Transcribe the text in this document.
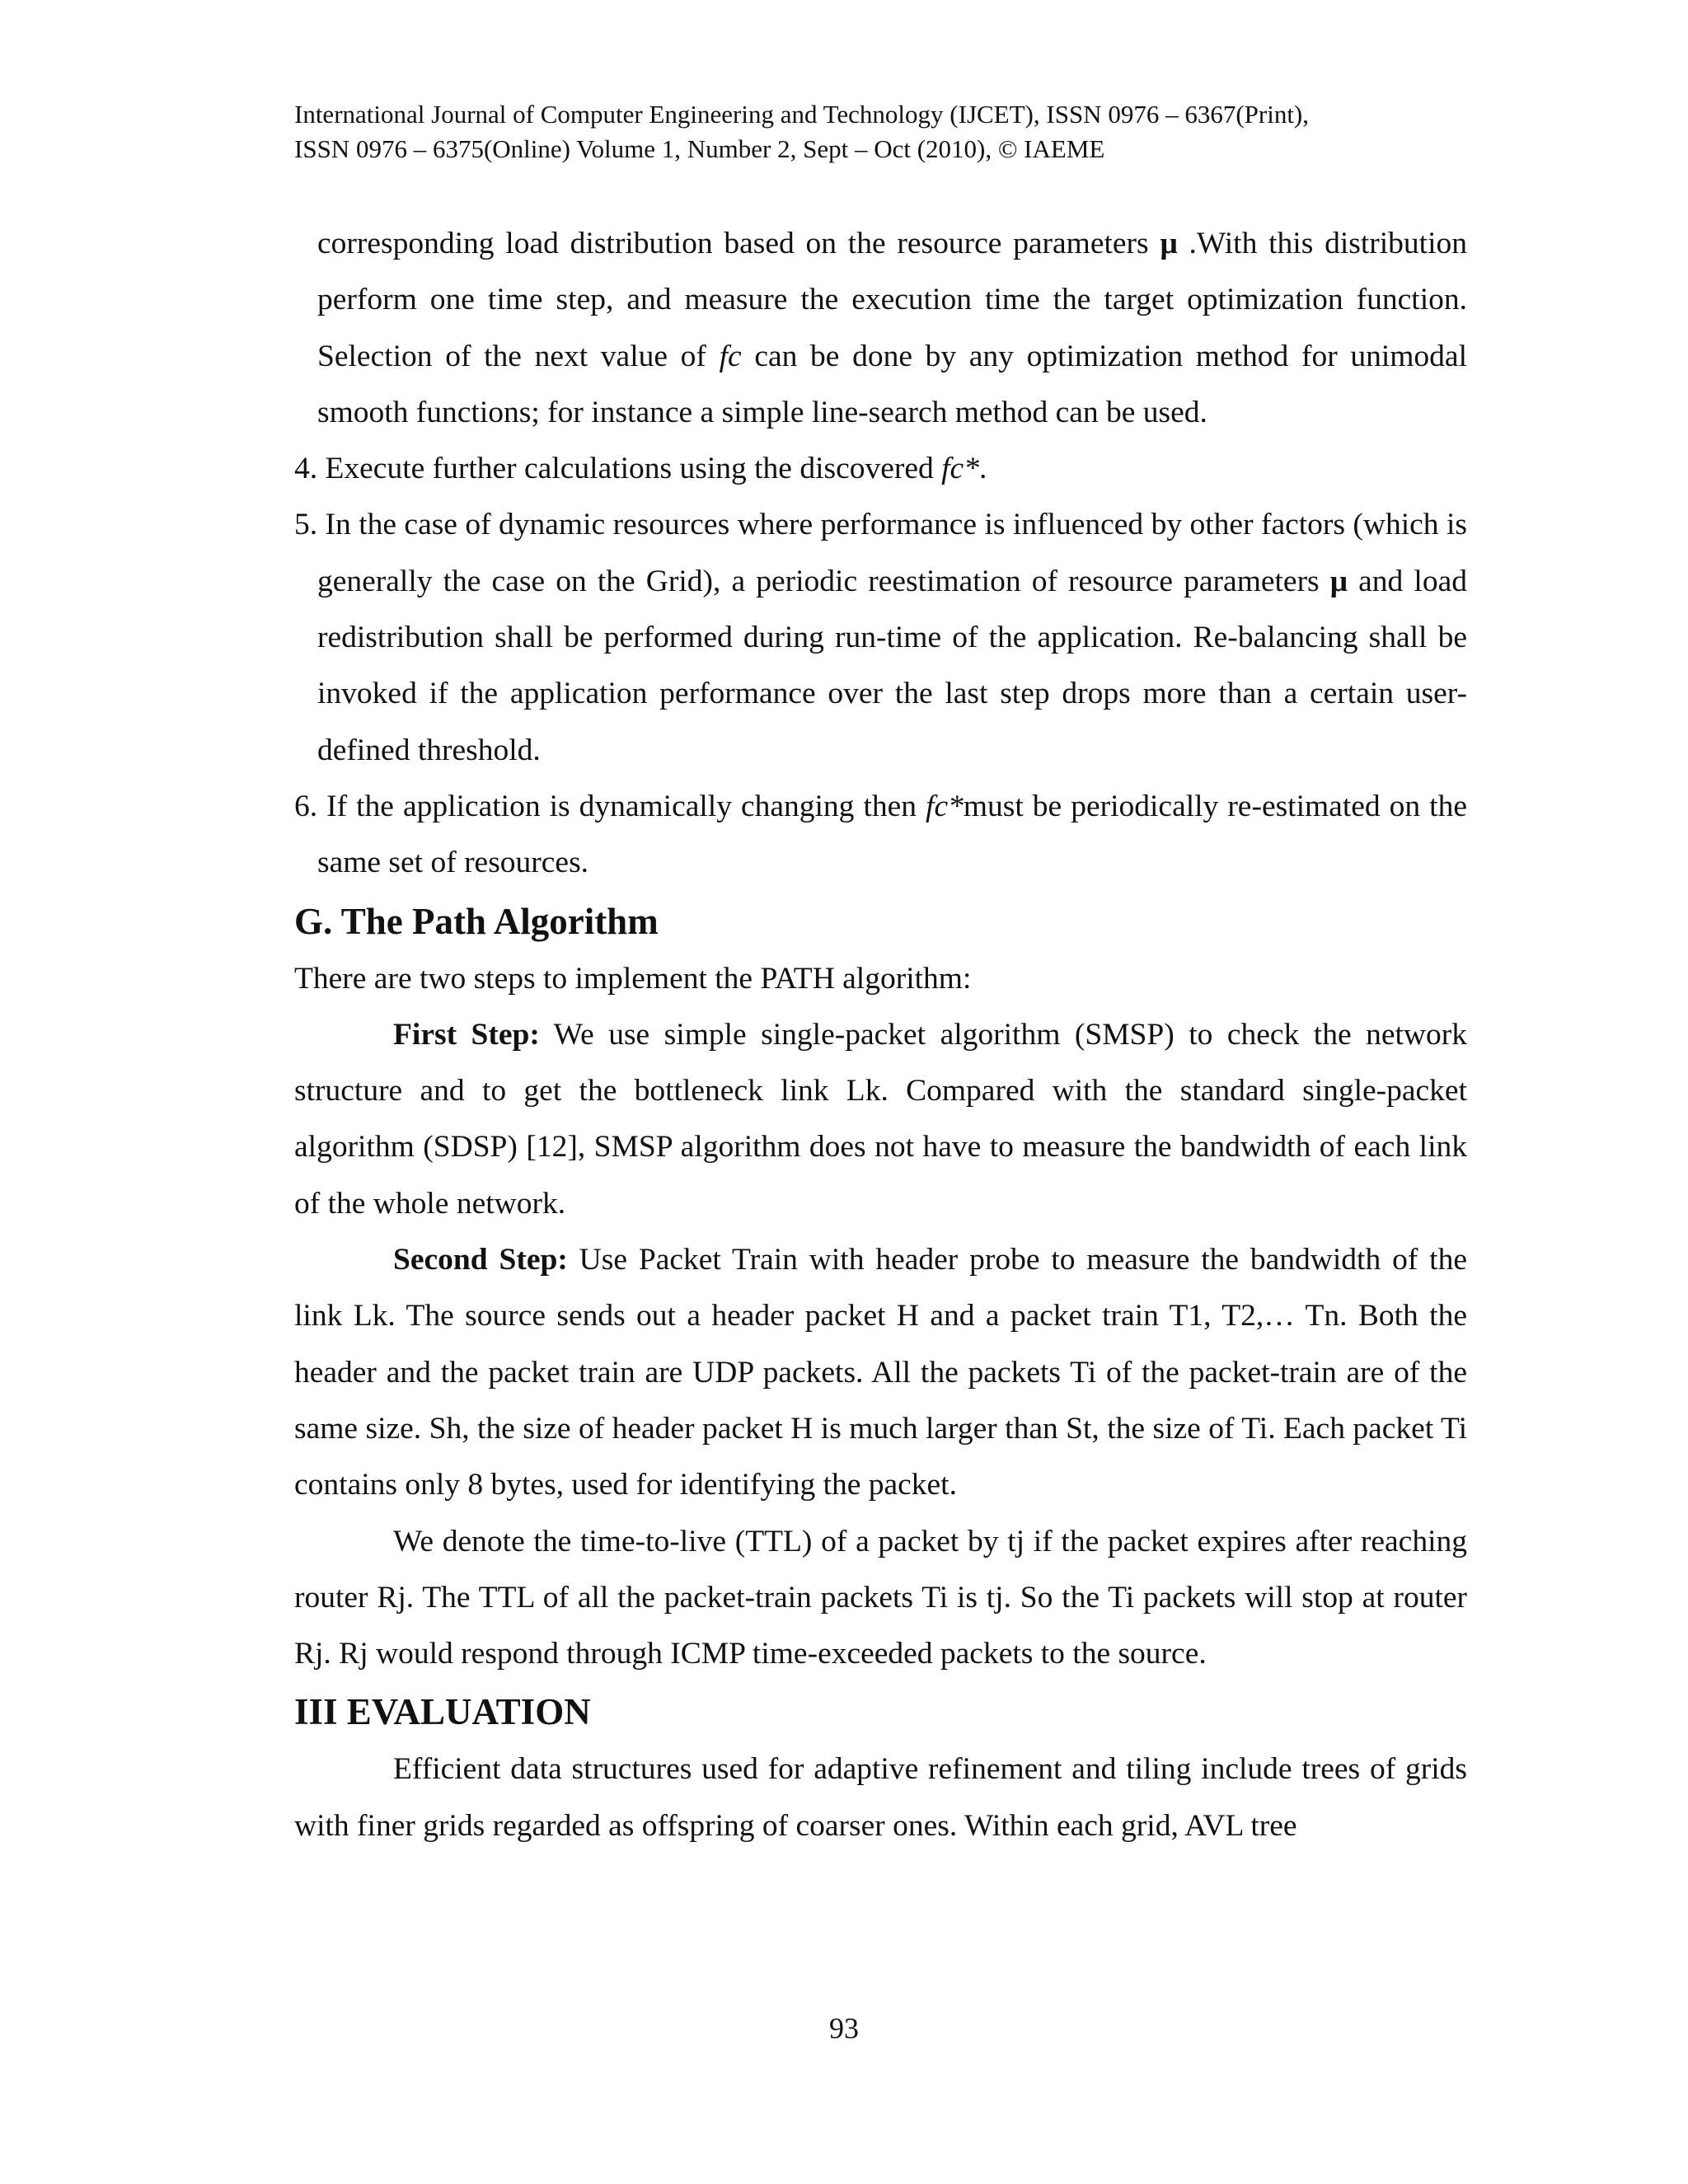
International Journal of Computer Engineering and Technology (IJCET), ISSN 0976 – 6367(Print),
ISSN 0976 – 6375(Online) Volume 1, Number 2, Sept – Oct (2010), © IAEME

corresponding load distribution based on the resource parameters μ .With this distribution perform one time step, and measure the execution time the target optimization function. Selection of the next value of fc can be done by any optimization method for unimodal smooth functions; for instance a simple line-search method can be used.

4. Execute further calculations using the discovered fc*.

5. In the case of dynamic resources where performance is influenced by other factors (which is generally the case on the Grid), a periodic reestimation of resource parameters μ and load redistribution shall be performed during run-time of the application. Re-balancing shall be invoked if the application performance over the last step drops more than a certain user-defined threshold.

6. If the application is dynamically changing then fc*must be periodically re-estimated on the same set of resources.

G. The Path Algorithm

There are two steps to implement the PATH algorithm:

First Step: We use simple single-packet algorithm (SMSP) to check the network structure and to get the bottleneck link Lk. Compared with the standard single-packet algorithm (SDSP) [12], SMSP algorithm does not have to measure the bandwidth of each link of the whole network.

Second Step: Use Packet Train with header probe to measure the bandwidth of the link Lk. The source sends out a header packet H and a packet train T1, T2,… Tn. Both the header and the packet train are UDP packets. All the packets Ti of the packet-train are of the same size. Sh, the size of header packet H is much larger than St, the size of Ti. Each packet Ti contains only 8 bytes, used for identifying the packet.

We denote the time-to-live (TTL) of a packet by tj if the packet expires after reaching router Rj. The TTL of all the packet-train packets Ti is tj. So the Ti packets will stop at router Rj. Rj would respond through ICMP time-exceeded packets to the source.

III EVALUATION

Efficient data structures used for adaptive refinement and tiling include trees of grids with finer grids regarded as offspring of coarser ones. Within each grid, AVL tree

93
